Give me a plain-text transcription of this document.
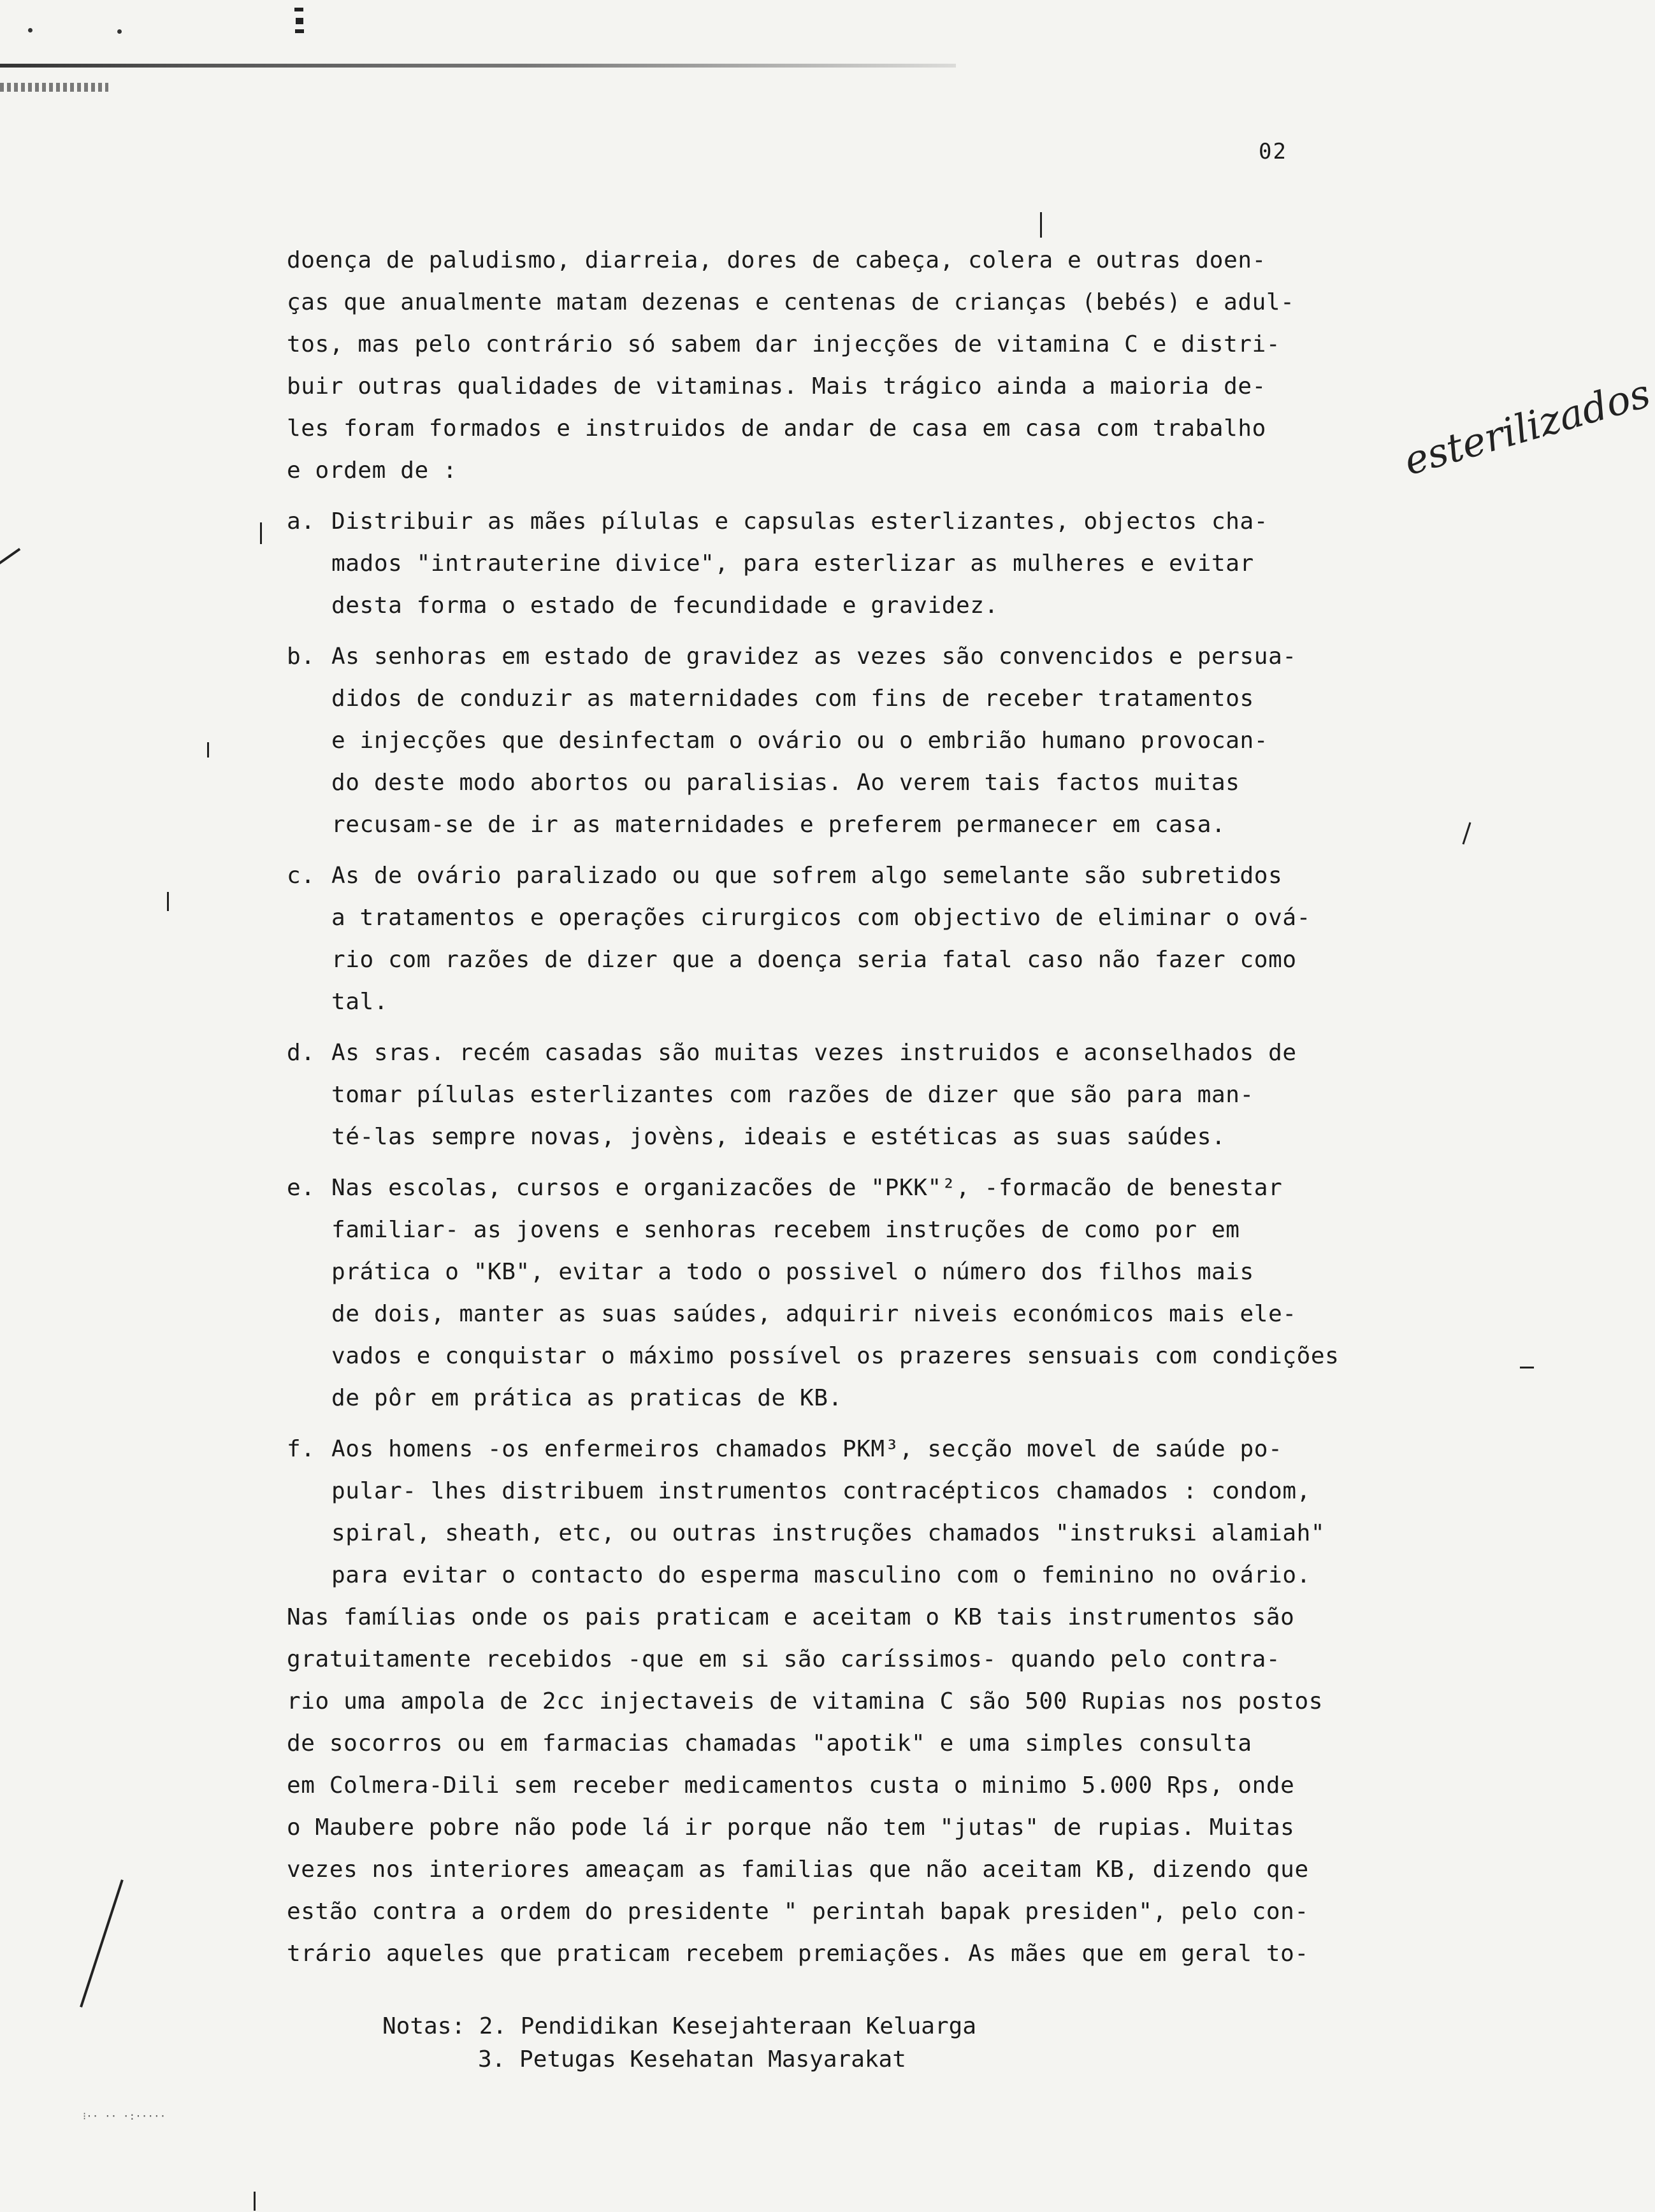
02
esterilizados
doença de paludismo, diarreia, dores de cabeça, colera e outras doen-
ças que anualmente matam dezenas e centenas de crianças (bebés) e adul-
tos, mas pelo contrário só sabem dar injecções de vitamina C e distri-
buir outras qualidades de vitaminas. Mais trágico ainda a maioria de-
les foram formados e instruidos de andar de casa em casa com trabalho
e ordem de :
a. Distribuir as mães pílulas e capsulas esterlizantes, objectos cha-
mados "intrauterine divice", para esterlizar as mulheres e evitar
desta forma o estado de fecundidade e gravidez.
b. As senhoras em estado de gravidez as vezes são convencidos e persua-
didos de conduzir as maternidades com fins de receber tratamentos
e injecções que desinfectam o ovário ou o embrião humano provocan-
do deste modo abortos ou paralisias. Ao verem tais factos muitas
recusam-se de ir as maternidades e preferem permanecer em casa.
c. As de ovário paralizado ou que sofrem algo semelante são subretidos
a tratamentos e operações cirurgicos com objectivo de eliminar o ová-
rio com razões de dizer que a doença seria fatal caso não fazer como
tal.
d. As sras. recém casadas são muitas vezes instruidos e aconselhados de
tomar pílulas esterlizantes com razões de dizer que são para man-
té-las sempre novas, jovèns, ideais e estéticas as suas saúdes.
e. Nas escolas, cursos e organizacões de "PKK"², -formacão de benestar
familiar- as jovens e senhoras recebem instruções de como por em
prática o "KB", evitar a todo o possivel o número dos filhos mais
de dois, manter as suas saúdes, adquirir niveis económicos mais ele-
vados e conquistar o máximo possível os prazeres sensuais com condições
de pôr em prática as praticas de KB.
f. Aos homens -os enfermeiros chamados PKM³, secção movel de saúde po-
pular- lhes distribuem instrumentos contracépticos chamados : condom,
spiral, sheath, etc, ou outras instruções chamados "instruksi alamiah"
para evitar o contacto do esperma masculino com o feminino no ovário.
Nas famílias onde os pais praticam e aceitam o KB tais instrumentos são
gratuitamente recebidos -que em si são caríssimos- quando pelo contra-
rio uma ampola de 2cc injectaveis de vitamina C são 500 Rupias nos postos
de socorros ou em farmacias chamadas "apotik" e uma simples consulta
em Colmera-Dili sem receber medicamentos custa o minimo 5.000 Rps, onde
o Maubere pobre não pode lá ir porque não tem "jutas" de rupias. Muitas
vezes nos interiores ameaçam as familias que não aceitam KB, dizendo que
estão contra a ordem do presidente " perintah bapak presiden", pelo con-
trário aqueles que praticam recebem premiações. As mães que em geral to-
Notas: 2. Pendidikan Kesejahteraan Keluarga
3. Petugas Kesehatan Masyarakat
⁝·· ·· ·:·····
